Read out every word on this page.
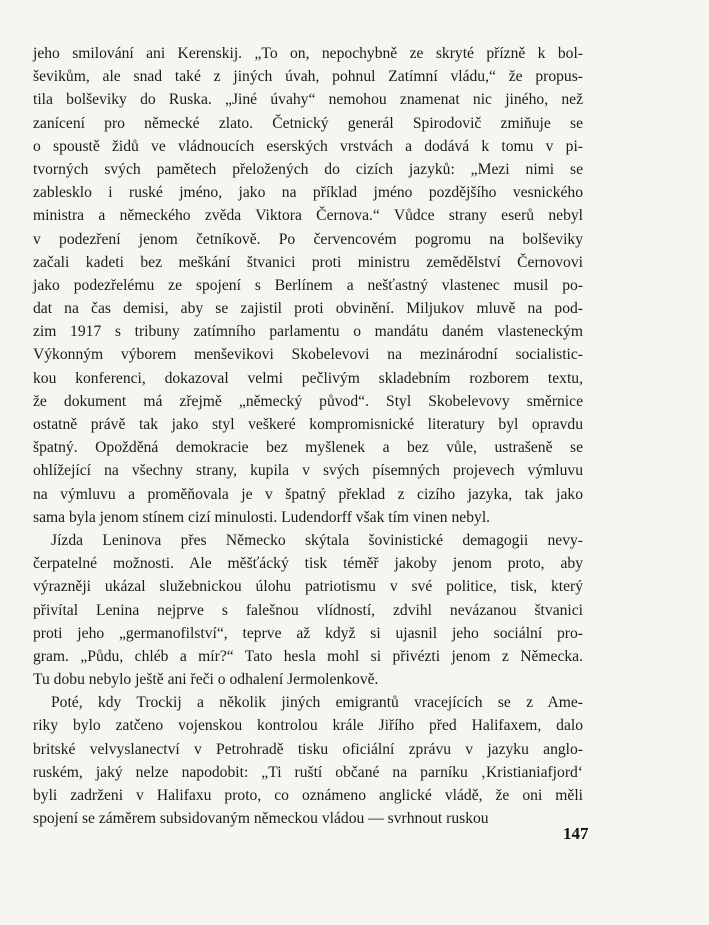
jeho smilování ani Kerenskij. „To on, nepochybně ze skryté přízně k bol-
ševikům, ale snad také z jiných úvah, pohnul Zatímní vládu,“ že propus-
tila bolševiky do Ruska. „Jiné úvahy“ nemohou znamenat nic jiného, než
zanícení pro německé zlato. Četnický generál Spirodovič zmiňuje se
o spoustě židů ve vládnoucích eserských vrstvách a dodává k tomu v pi-
tvorných svých pamětech přeložených do cizích jazyků: „Mezi nimi se
zablesklo i ruské jméno, jako na příklad jméno pozdějšího vesnického
ministra a německého zvěda Viktora Černova.“ Vůdce strany eserů nebyl
v podezření jenom četníkově. Po červencovém pogromu na bolševiky
začali kadeti bez meškání štvanici proti ministru zemědělství Černovovi
jako podezřelému ze spojení s Berlínem a nešťastný vlastenec musil po-
dat na čas demisi, aby se zajistil proti obvinění. Miljukov mluvě na pod-
zim 1917 s tribuny zatímního parlamentu o mandátu daném vlasteneckým
Výkonným výborem menševikovi Skobelevovi na mezinárodní socialistic-
kou konferenci, dokazoval velmi pečlivým skladebním rozborem textu,
že dokument má zřejmě „německý původ“. Styl Skobelevovy směrnice
ostatně právě tak jako styl veškeré kompromisnické literatury byl opravdu
špatný. Opožděná demokracie bez myšlenek a bez vůle, ustrašeně se
ohlížející na všechny strany, kupila v svých písemných projevech výmluvu
na výmluvu a proměňovala je v špatný překlad z cizího jazyka, tak jako
sama byla jenom stínem cizí minulosti. Ludendorff však tím vinen nebyl.
Jízda Leninova přes Německo skýtala šovinistické demagogii nevy-
čerpatelné možnosti. Ale měšťácký tisk téměř jakoby jenom proto, aby
výrazněji ukázal služebnickou úlohu patriotismu v své politice, tisk, který
přivítal Lenina nejprve s falešnou vlídností, zdvihl nevázanou štvanici
proti jeho „germanofilství“, teprve až když si ujasnil jeho sociální pro-
gram. „Půdu, chléb a mír?“ Tato hesla mohl si přivézti jenom z Německa.
Tu dobu nebylo ještě ani řeči o odhalení Jermolenkově.
Poté, kdy Trockij a několik jiných emigrantů vracejících se z Ame-
riky bylo zatčeno vojenskou kontrolou krále Jiřího před Halifaxem, dalo
britské velvyslanectví v Petrohradě tisku oficiální zprávu v jazyku anglo-
ruském, jaký nelze napodobit: „Ti ruští občané na parníku ‚Kristianiafjord‘
byli zadrženi v Halifaxu proto, co oznámeno anglické vládě, že oni měli
spojení se záměrem subsidovaným německou vládou — svrhnout ruskou
147
